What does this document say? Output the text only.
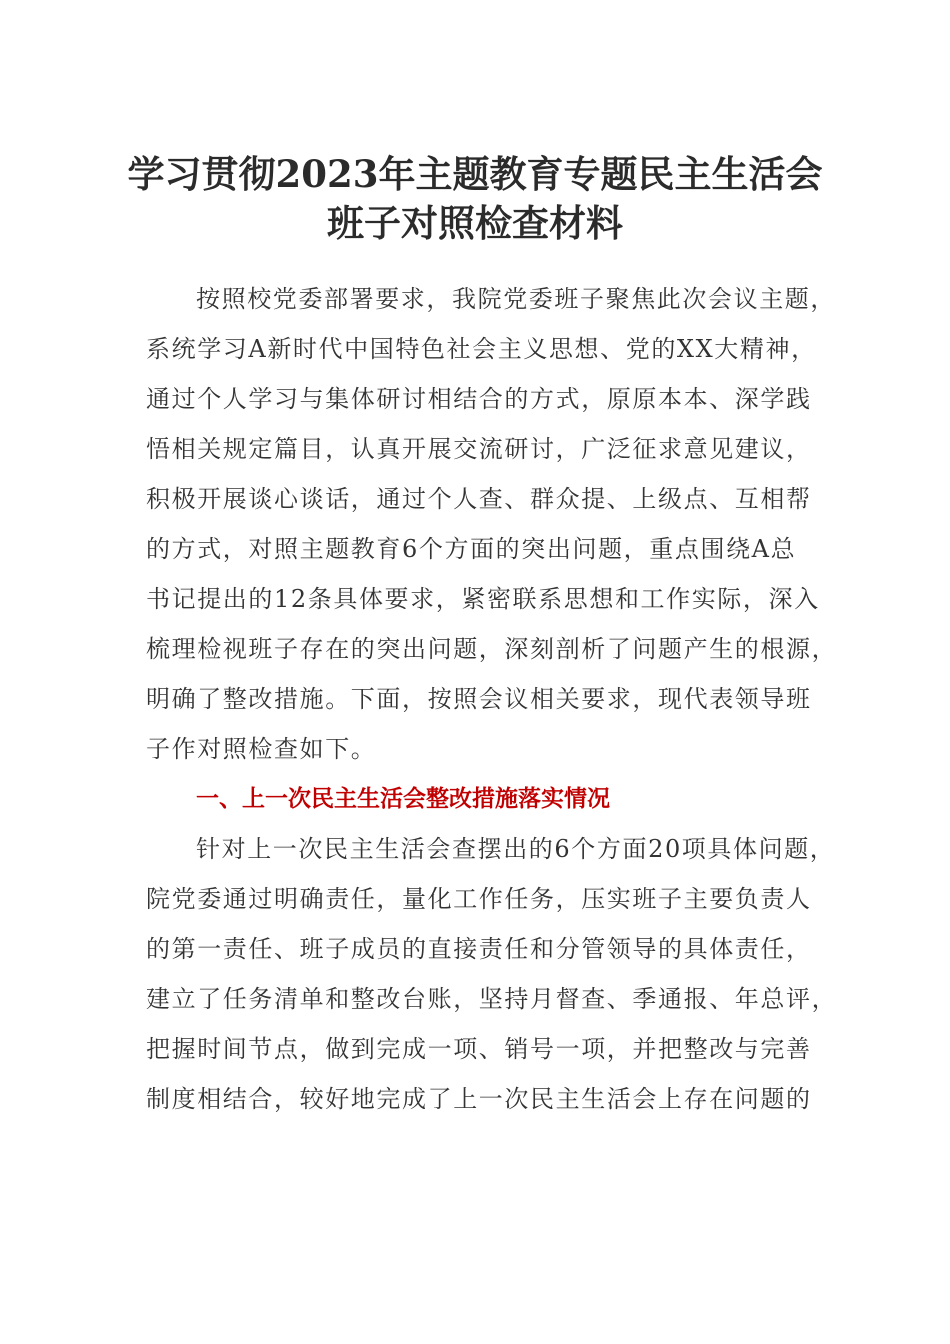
学习贯彻2023年主题教育专题民主生活会
班子对照检查材料

按照校党委部署要求，我院党委班子聚焦此次会议主题，

系统学习A新时代中国特色社会主义思想、党的XX大精神，

通过个人学习与集体研讨相结合的方式，原原本本、深学践

悟相关规定篇目，认真开展交流研讨，广泛征求意见建议，

积极开展谈心谈话，通过个人查、群众提、上级点、互相帮

的方式，对照主题教育6个方面的突出问题，重点围绕A总

书记提出的12条具体要求，紧密联系思想和工作实际，深入

梳理检视班子存在的突出问题，深刻剖析了问题产生的根源，

明确了整改措施。下面，按照会议相关要求，现代表领导班

子作对照检查如下。

一、上一次民主生活会整改措施落实情况

针对上一次民主生活会查摆出的6个方面20项具体问题，

院党委通过明确责任，量化工作任务，压实班子主要负责人

的第一责任、班子成员的直接责任和分管领导的具体责任，

建立了任务清单和整改台账，坚持月督查、季通报、年总评，

把握时间节点，做到完成一项、销号一项，并把整改与完善

制度相结合，较好地完成了上一次民主生活会上存在问题的
